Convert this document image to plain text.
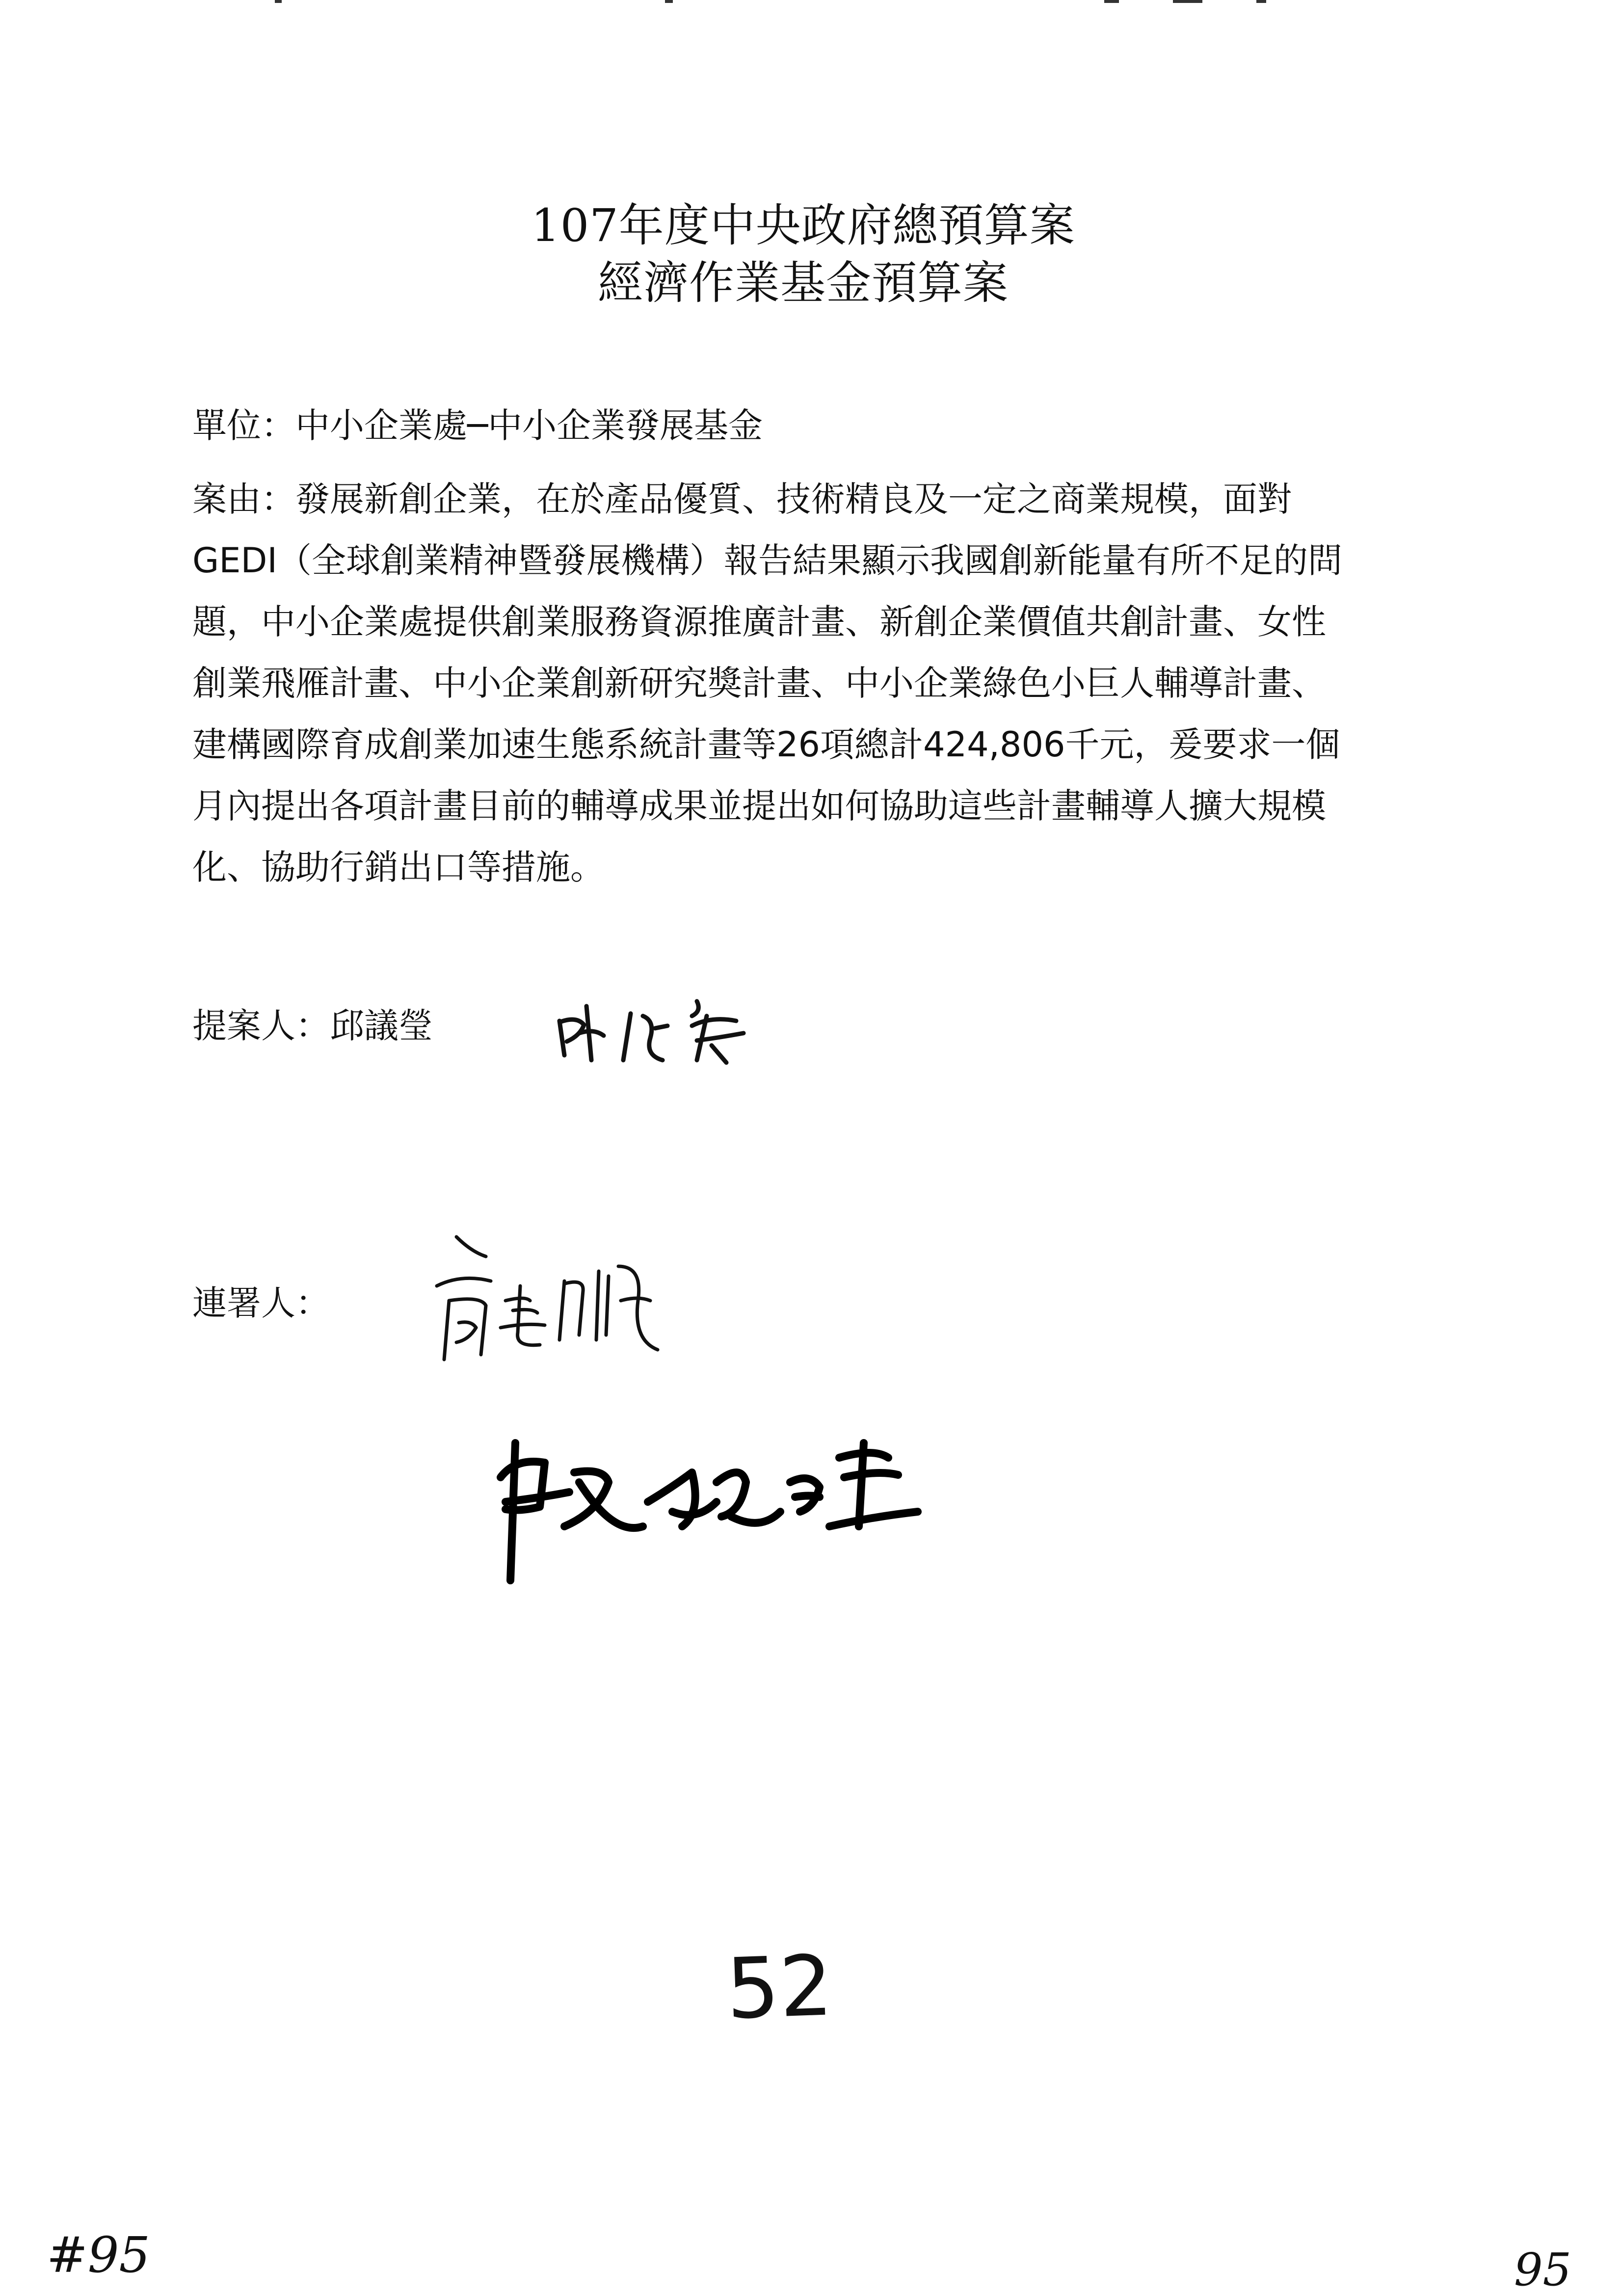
107年度中央政府總預算案
經濟作業基金預算案
單位：中小企業處─中小企業發展基金
案由：發展新創企業，在於產品優質、技術精良及一定之商業規模，面對
GEDI（全球創業精神暨發展機構）報告結果顯示我國創新能量有所不足的問
題，中小企業處提供創業服務資源推廣計畫、新創企業價值共創計畫、女性
創業飛雁計畫、中小企業創新研究獎計畫、中小企業綠色小巨人輔導計畫、
建構國際育成創業加速生態系統計畫等26項總計424,806千元，爰要求一個
月內提出各項計畫目前的輔導成果並提出如何協助這些計畫輔導人擴大規模
化、協助行銷出口等措施。
提案人：邱議瑩
連署人：
52
#95	95
